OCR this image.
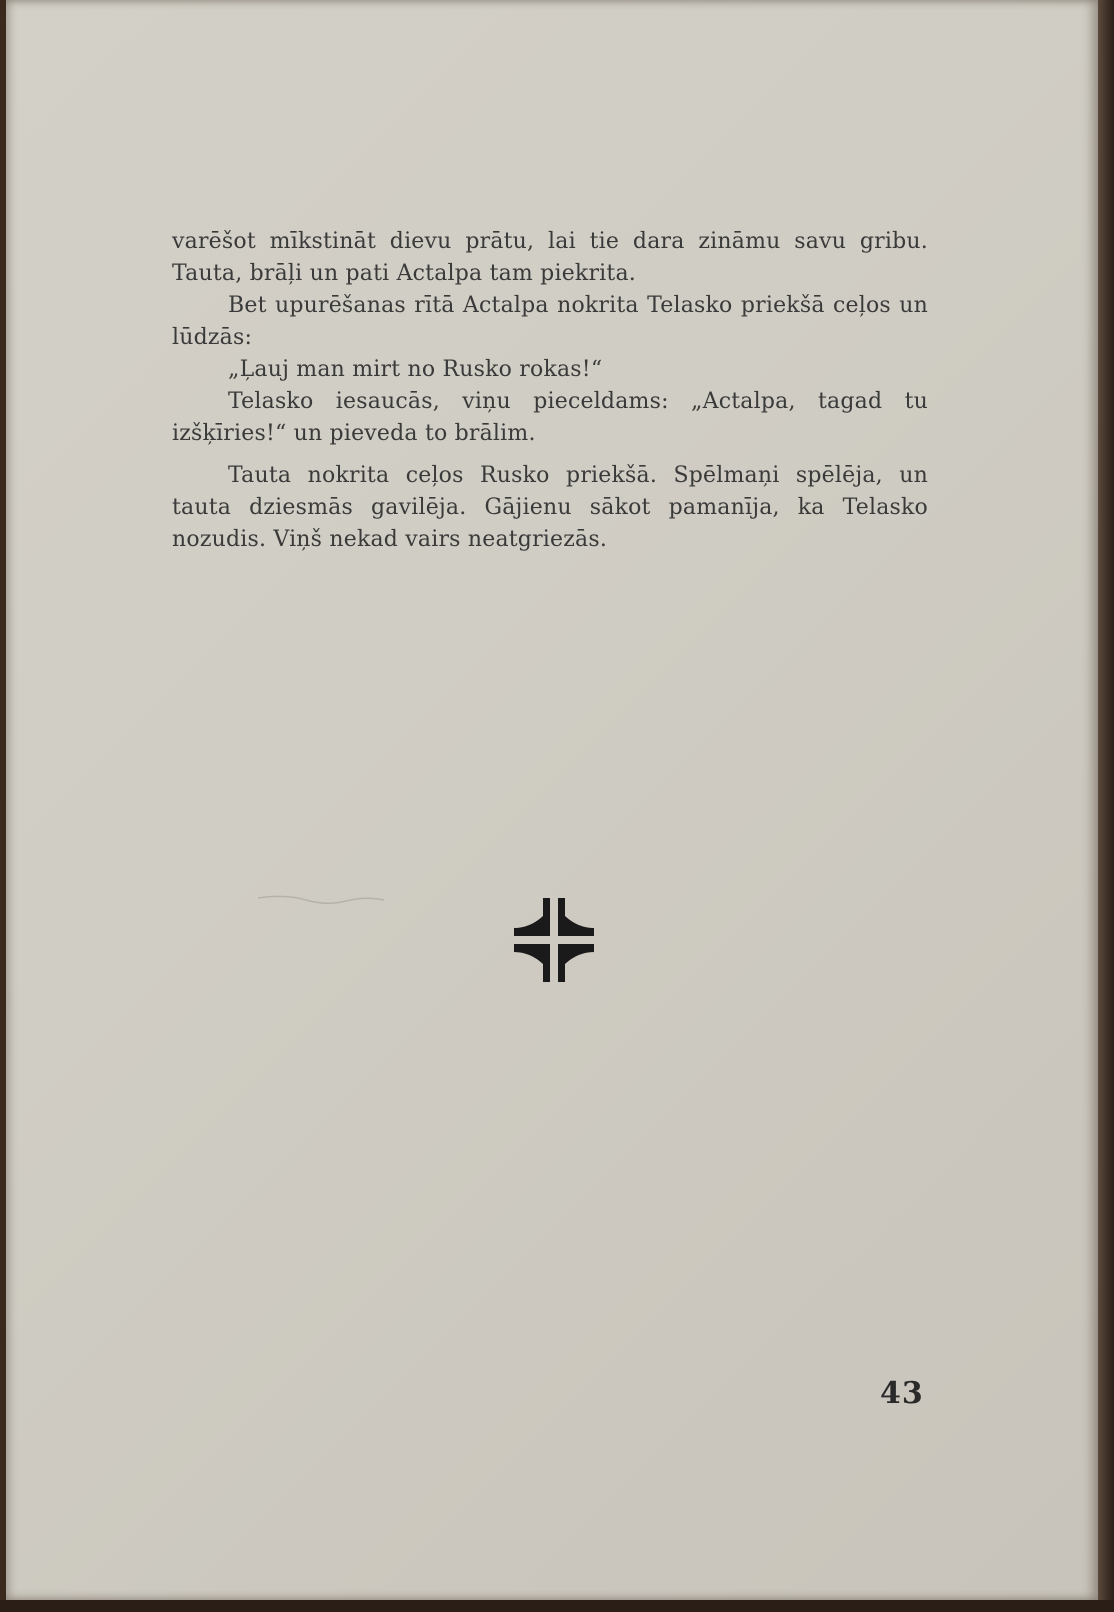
varēšot mīkstināt dievu prātu, lai tie dara zināmu savu gribu. Tauta, brāļi un pati Actalpa tam piekrita.

Bet upurēšanas rītā Actalpa nokrita Telasko priekšā ceļos un lūdzās:

„Ļauj man mirt no Rusko rokas!“

Telasko iesaucās, viņu pieceldams: „Actalpa, tagad tu izšķīries!“ un pieveda to brālim.

Tauta nokrita ceļos Rusko priekšā. Spēlmaņi spēlēja, un tauta dziesmās gavilēja. Gājienu sākot pamanīja, ka Telasko nozudis. Viņš nekad vairs neatgriezās.

43
